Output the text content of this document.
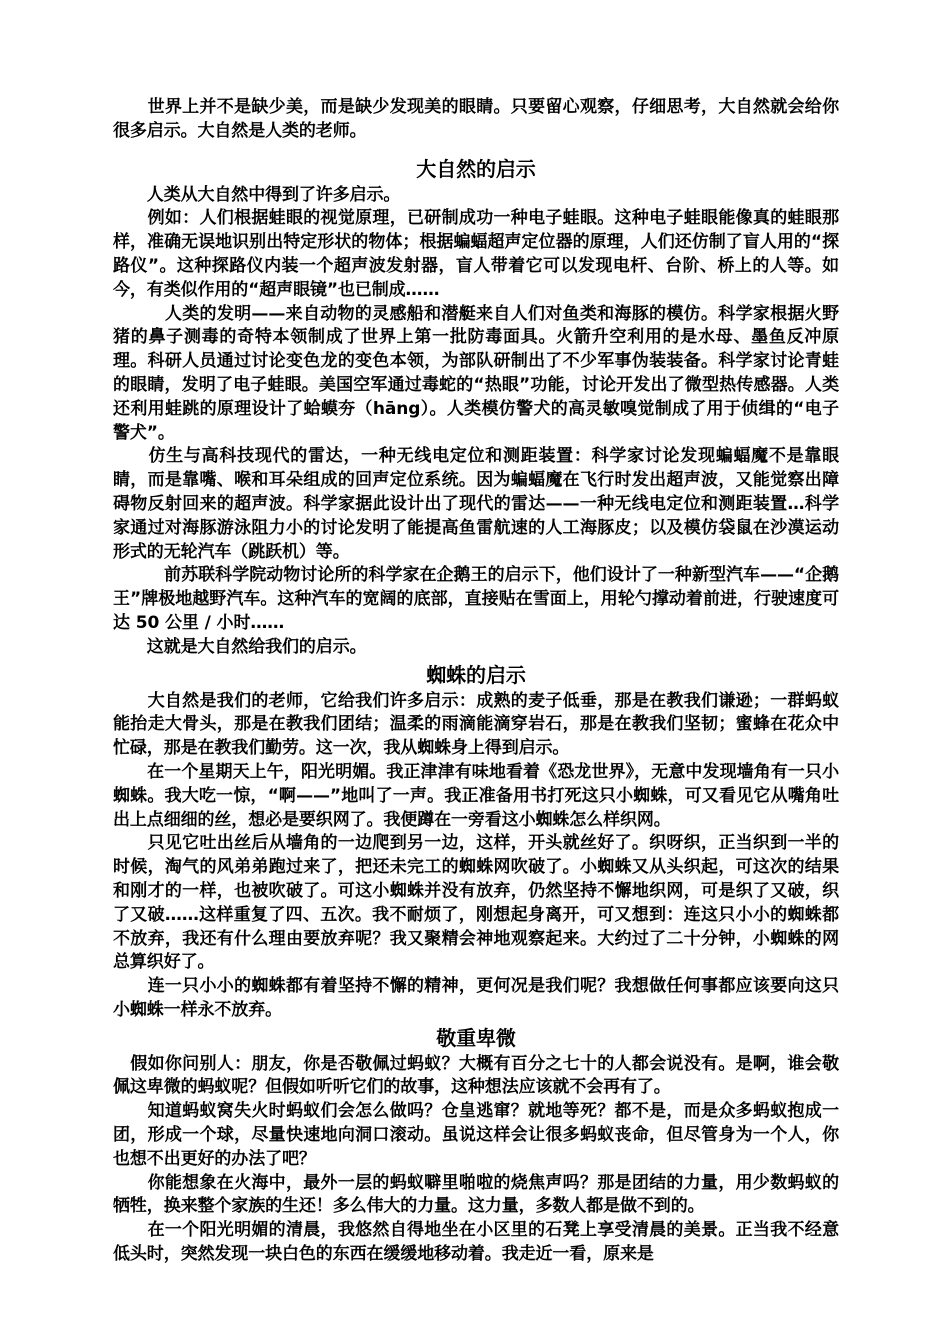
　　世界上并不是缺少美，而是缺少发现美的眼睛。只要留心观察，仔细思考，大自然就会给你很多启示。大自然是人类的老师。

大自然的启示

　　人类从大自然中得到了许多启示。

　　例如：人们根据蛙眼的视觉原理，已研制成功一种电子蛙眼。这种电子蛙眼能像真的蛙眼那样，准确无误地识别出特定形状的物体；根据蝙蝠超声定位器的原理，人们还仿制了盲人用的“探路仪”。这种探路仪内装一个超声波发射器，盲人带着它可以发现电杆、台阶、桥上的人等。如今，有类似作用的“超声眼镜”也已制成……

　　　人类的发明——来自动物的灵感船和潜艇来自人们对鱼类和海豚的模仿。科学家根据火野猪的鼻子测毒的奇特本领制成了世界上第一批防毒面具。火箭升空利用的是水母、墨鱼反冲原理。科研人员通过讨论变色龙的变色本领，为部队研制出了不少军事伪装装备。科学家讨论青蛙的眼睛，发明了电子蛙眼。美国空军通过毒蛇的“热眼”功能，讨论开发出了微型热传感器。人类还利用蛙跳的原理设计了蛤蟆夯（hāng）。人类模仿警犬的高灵敏嗅觉制成了用于侦缉的“电子警犬”。

　　仿生与高科技现代的雷达，一种无线电定位和测距装置：科学家讨论发现蝙蝠魔不是靠眼睛，而是靠嘴、喉和耳朵组成的回声定位系统。因为蝙蝠魔在飞行时发出超声波，又能觉察出障碍物反射回来的超声波。科学家据此设计出了现代的雷达——一种无线电定位和测距装置…科学家通过对海豚游泳阻力小的讨论发明了能提高鱼雷航速的人工海豚皮；以及模仿袋鼠在沙漠运动形式的无轮汽车（跳跃机）等。

　　　前苏联科学院动物讨论所的科学家在企鹅王的启示下，他们设计了一种新型汽车——“企鹅王”牌极地越野汽车。这种汽车的宽阔的底部，直接贴在雪面上，用轮勺撑动着前进，行驶速度可达 50 公里 / 小时……

　　这就是大自然给我们的启示。

蜘蛛的启示

　　大自然是我们的老师，它给我们许多启示：成熟的麦子低垂，那是在教我们谦逊；一群蚂蚁能抬走大骨头，那是在教我们团结；温柔的雨滴能滴穿岩石，那是在教我们坚韧；蜜蜂在花众中忙碌，那是在教我们勤劳。这一次，我从蜘蛛身上得到启示。

　　在一个星期天上午，阳光明媚。我正津津有味地看着《恐龙世界》，无意中发现墙角有一只小蜘蛛。我大吃一惊，“啊——”地叫了一声。我正准备用书打死这只小蜘蛛，可又看见它从嘴角吐出上点细细的丝，想必是要织网了。我便蹲在一旁看这小蜘蛛怎么样织网。

　　只见它吐出丝后从墙角的一边爬到另一边，这样，开头就丝好了。织呀织，正当织到一半的时候，淘气的风弟弟跑过来了，把还未完工的蜘蛛网吹破了。小蜘蛛又从头织起，可这次的结果和刚才的一样，也被吹破了。可这小蜘蛛并没有放弃，仍然坚持不懈地织网，可是织了又破，织了又破……这样重复了四、五次。我不耐烦了，刚想起身离开，可又想到：连这只小小的蜘蛛都不放弃，我还有什么理由要放弃呢？我又聚精会神地观察起来。大约过了二十分钟，小蜘蛛的网总算织好了。

　　连一只小小的蜘蛛都有着坚持不懈的精神，更何况是我们呢？我想做任何事都应该要向这只小蜘蛛一样永不放弃。

敬重卑微

　假如你问别人：朋友，你是否敬佩过蚂蚁？大概有百分之七十的人都会说没有。是啊，谁会敬佩这卑微的蚂蚁呢？但假如听听它们的故事，这种想法应该就不会再有了。

　　知道蚂蚁窝失火时蚂蚁们会怎么做吗？仓皇逃窜？就地等死？都不是，而是众多蚂蚁抱成一团，形成一个球，尽量快速地向洞口滚动。虽说这样会让很多蚂蚁丧命，但尽管身为一个人，你也想不出更好的办法了吧？

　　你能想象在火海中，最外一层的蚂蚁噼里啪啦的烧焦声吗？那是团结的力量，用少数蚂蚁的牺牲，换来整个家族的生还！多么伟大的力量。这力量，多数人都是做不到的。

　　在一个阳光明媚的清晨，我悠然自得地坐在小区里的石凳上享受清晨的美景。正当我不经意低头时，突然发现一块白色的东西在缓缓地移动着。我走近一看，原来是
